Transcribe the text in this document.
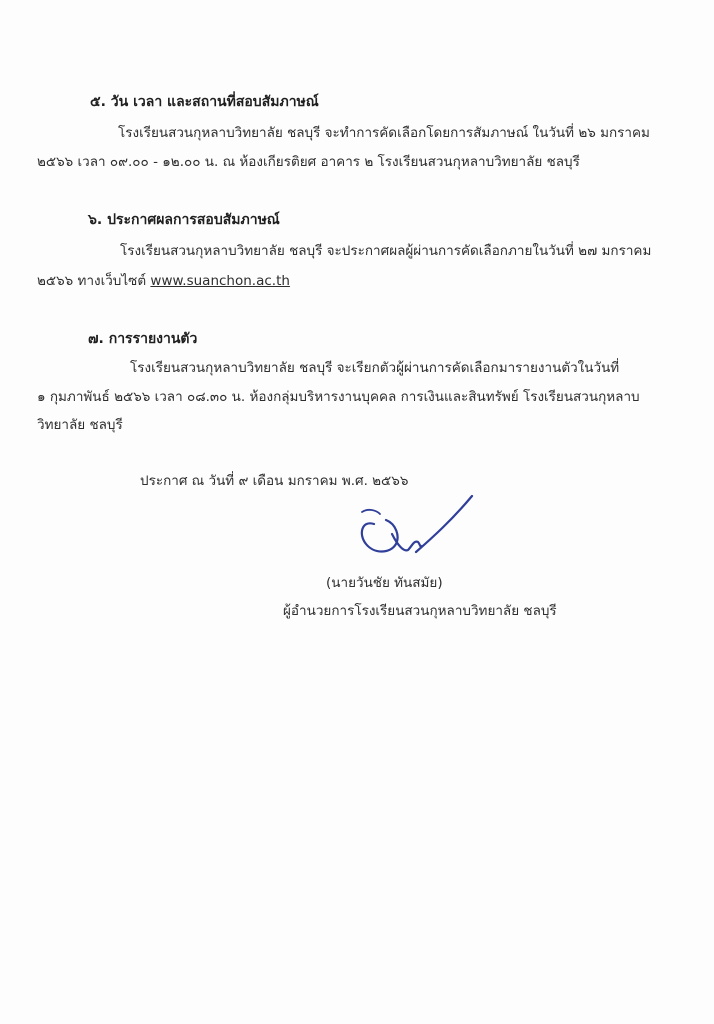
๕. วัน เวลา และสถานที่สอบสัมภาษณ์
โรงเรียนสวนกุหลาบวิทยาลัย ชลบุรี จะทำการคัดเลือกโดยการสัมภาษณ์ ในวันที่ ๒๖ มกราคม
๒๕๖๖ เวลา ๐๙.๐๐ - ๑๒.๐๐ น. ณ ห้องเกียรติยศ อาคาร ๒ โรงเรียนสวนกุหลาบวิทยาลัย ชลบุรี
๖. ประกาศผลการสอบสัมภาษณ์
โรงเรียนสวนกุหลาบวิทยาลัย ชลบุรี จะประกาศผลผู้ผ่านการคัดเลือกภายในวันที่ ๒๗ มกราคม
๒๕๖๖ ทางเว็บไซต์ www.suanchon.ac.th
๗. การรายงานตัว
โรงเรียนสวนกุหลาบวิทยาลัย ชลบุรี จะเรียกตัวผู้ผ่านการคัดเลือกมารายงานตัวในวันที่
๑ กุมภาพันธ์ ๒๕๖๖ เวลา ๐๘.๓๐ น. ห้องกลุ่มบริหารงานบุคคล การเงินและสินทรัพย์ โรงเรียนสวนกุหลาบ
วิทยาลัย ชลบุรี
ประกาศ ณ วันที่ ๙ เดือน มกราคม พ.ศ. ๒๕๖๖
(นายวันชัย ทันสมัย)
ผู้อำนวยการโรงเรียนสวนกุหลาบวิทยาลัย ชลบุรี
